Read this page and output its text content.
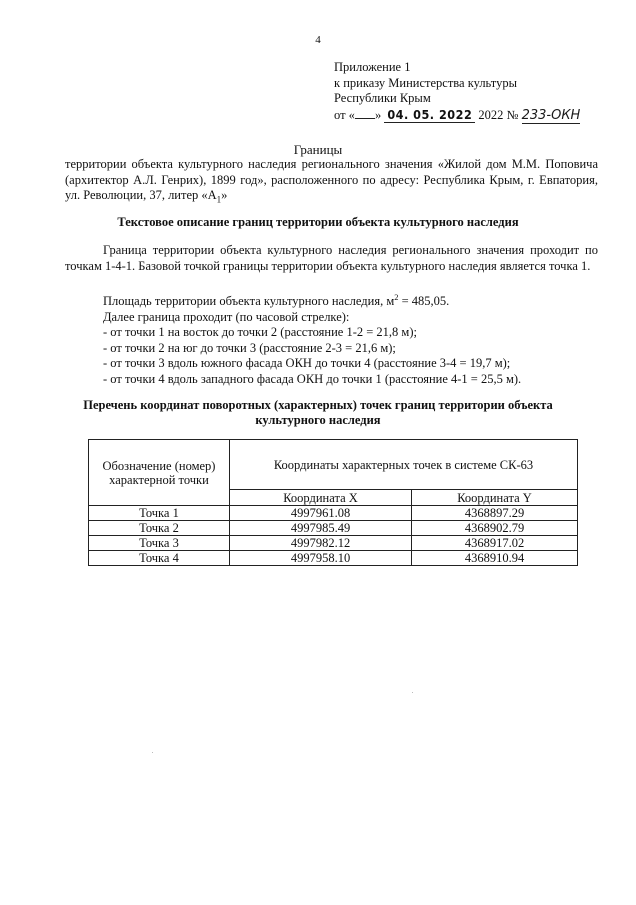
4
Приложение 1
к приказу Министерства культуры
Республики Крым
от « » 04. 05. 2022 2022 № 233-ОКН
Границы
территории объекта культурного наследия регионального значения «Жилой дом М.М. Поповича (архитектор А.Л. Генрих), 1899 год», расположенного по адресу: Республика Крым, г. Евпатория, ул. Революции, 37, литер «$А_1$»
Текстовое описание границ территории объекта культурного наследия
Граница территории объекта культурного наследия регионального значения проходит по точкам 1-4-1. Базовой точкой границы территории объекта культурного наследия является точка 1.
Площадь территории объекта культурного наследия, $м^2 = 485,05$.
Далее граница проходит (по часовой стрелке):
- от точки 1 на восток до точки 2 (расстояние 1-2 = 21,8 м);
- от точки 2 на юг до точки 3 (расстояние 2-3 = 21,6 м);
- от точки 3 вдоль южного фасада ОКН до точки 4 (расстояние 3-4 = 19,7 м);
- от точки 4 вдоль западного фасада ОКН до точки 1 (расстояние 4-1 = 25,5 м).
Перечень координат поворотных (характерных) точек границ территории объекта
культурного наследия
Обозначение (номер) характерной точки	Координаты характерных точек в системе СК-63	
	Координата X	Координата Y
Точка 1	4997961.08	4368897.29
Точка 2	4997985.49	4368902.79
Точка 3	4997982.12	4368917.02
Точка 4	4997958.10	4368910.94
